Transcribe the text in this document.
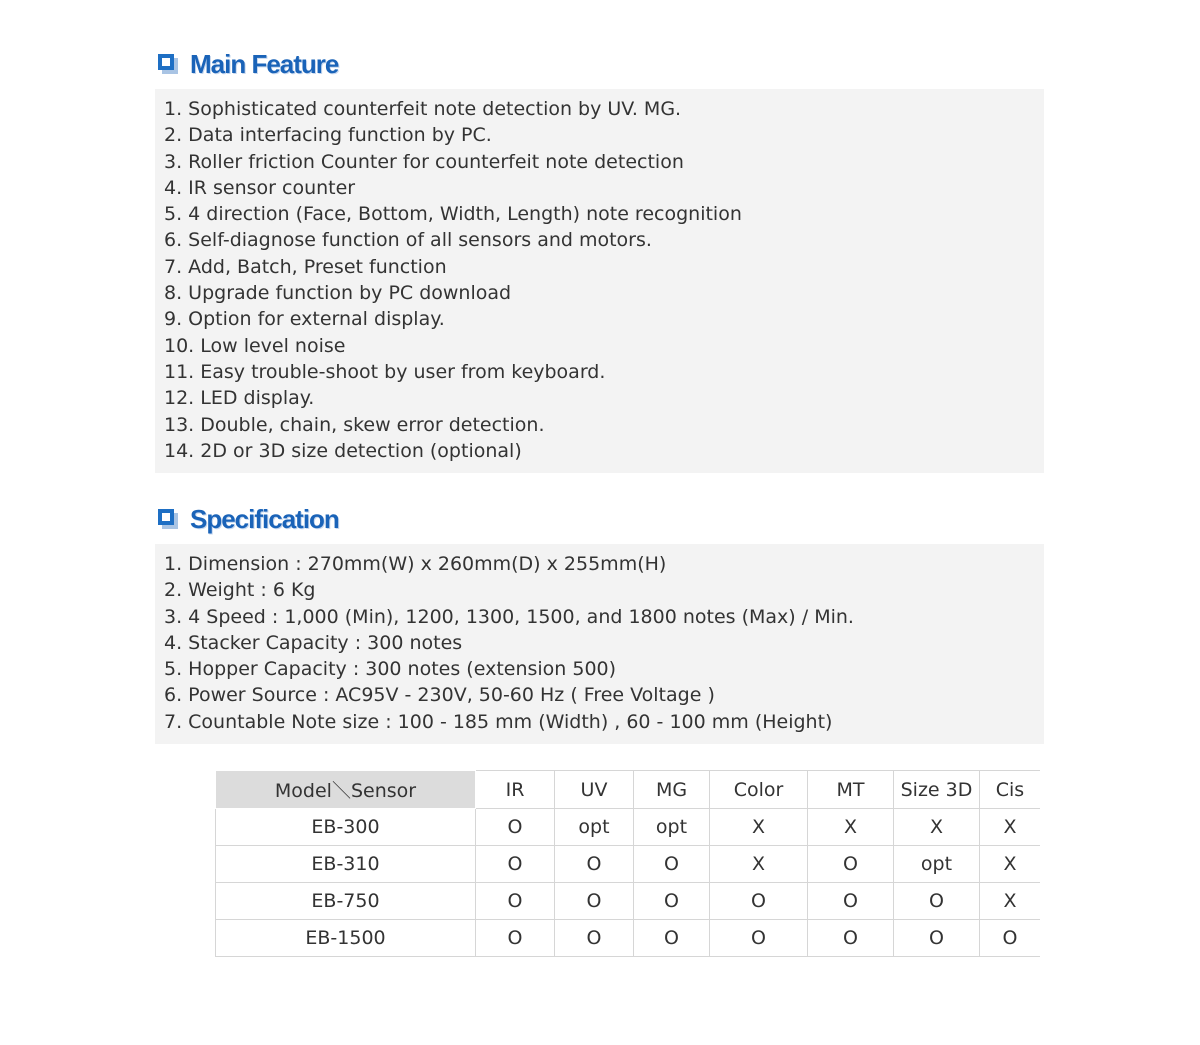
Main Feature
1. Sophisticated counterfeit note detection by UV. MG.
2. Data interfacing function by PC.
3. Roller friction Counter for counterfeit note detection
4. IR sensor counter
5. 4 direction (Face, Bottom, Width, Length) note recognition
6. Self-diagnose function of all sensors and motors.
7. Add, Batch, Preset function
8. Upgrade function by PC download
9. Option for external display.
10. Low level noise
11. Easy trouble-shoot by user from keyboard.
12. LED display.
13. Double, chain, skew error detection.
14. 2D or 3D size detection (optional)
Specification
1. Dimension : 270mm(W) x 260mm(D) x 255mm(H)
2. Weight : 6 Kg
3. 4 Speed : 1,000 (Min), 1200, 1300, 1500, and 1800 notes (Max) / Min.
4. Stacker Capacity : 300 notes
5. Hopper Capacity : 300 notes (extension 500)
6. Power Source : AC95V - 230V, 50-60 Hz ( Free Voltage )
7. Countable Note size : 100 - 185 mm (Width) , 60 - 100 mm (Height)
Model＼Sensor	IR	UV	MG	Color	MT	Size 3D	Cis
EB-300	O	opt	opt	X	X	X	X
EB-310	O	O	O	X	O	opt	X
EB-750	O	O	O	O	O	O	X
EB-1500	O	O	O	O	O	O	O
